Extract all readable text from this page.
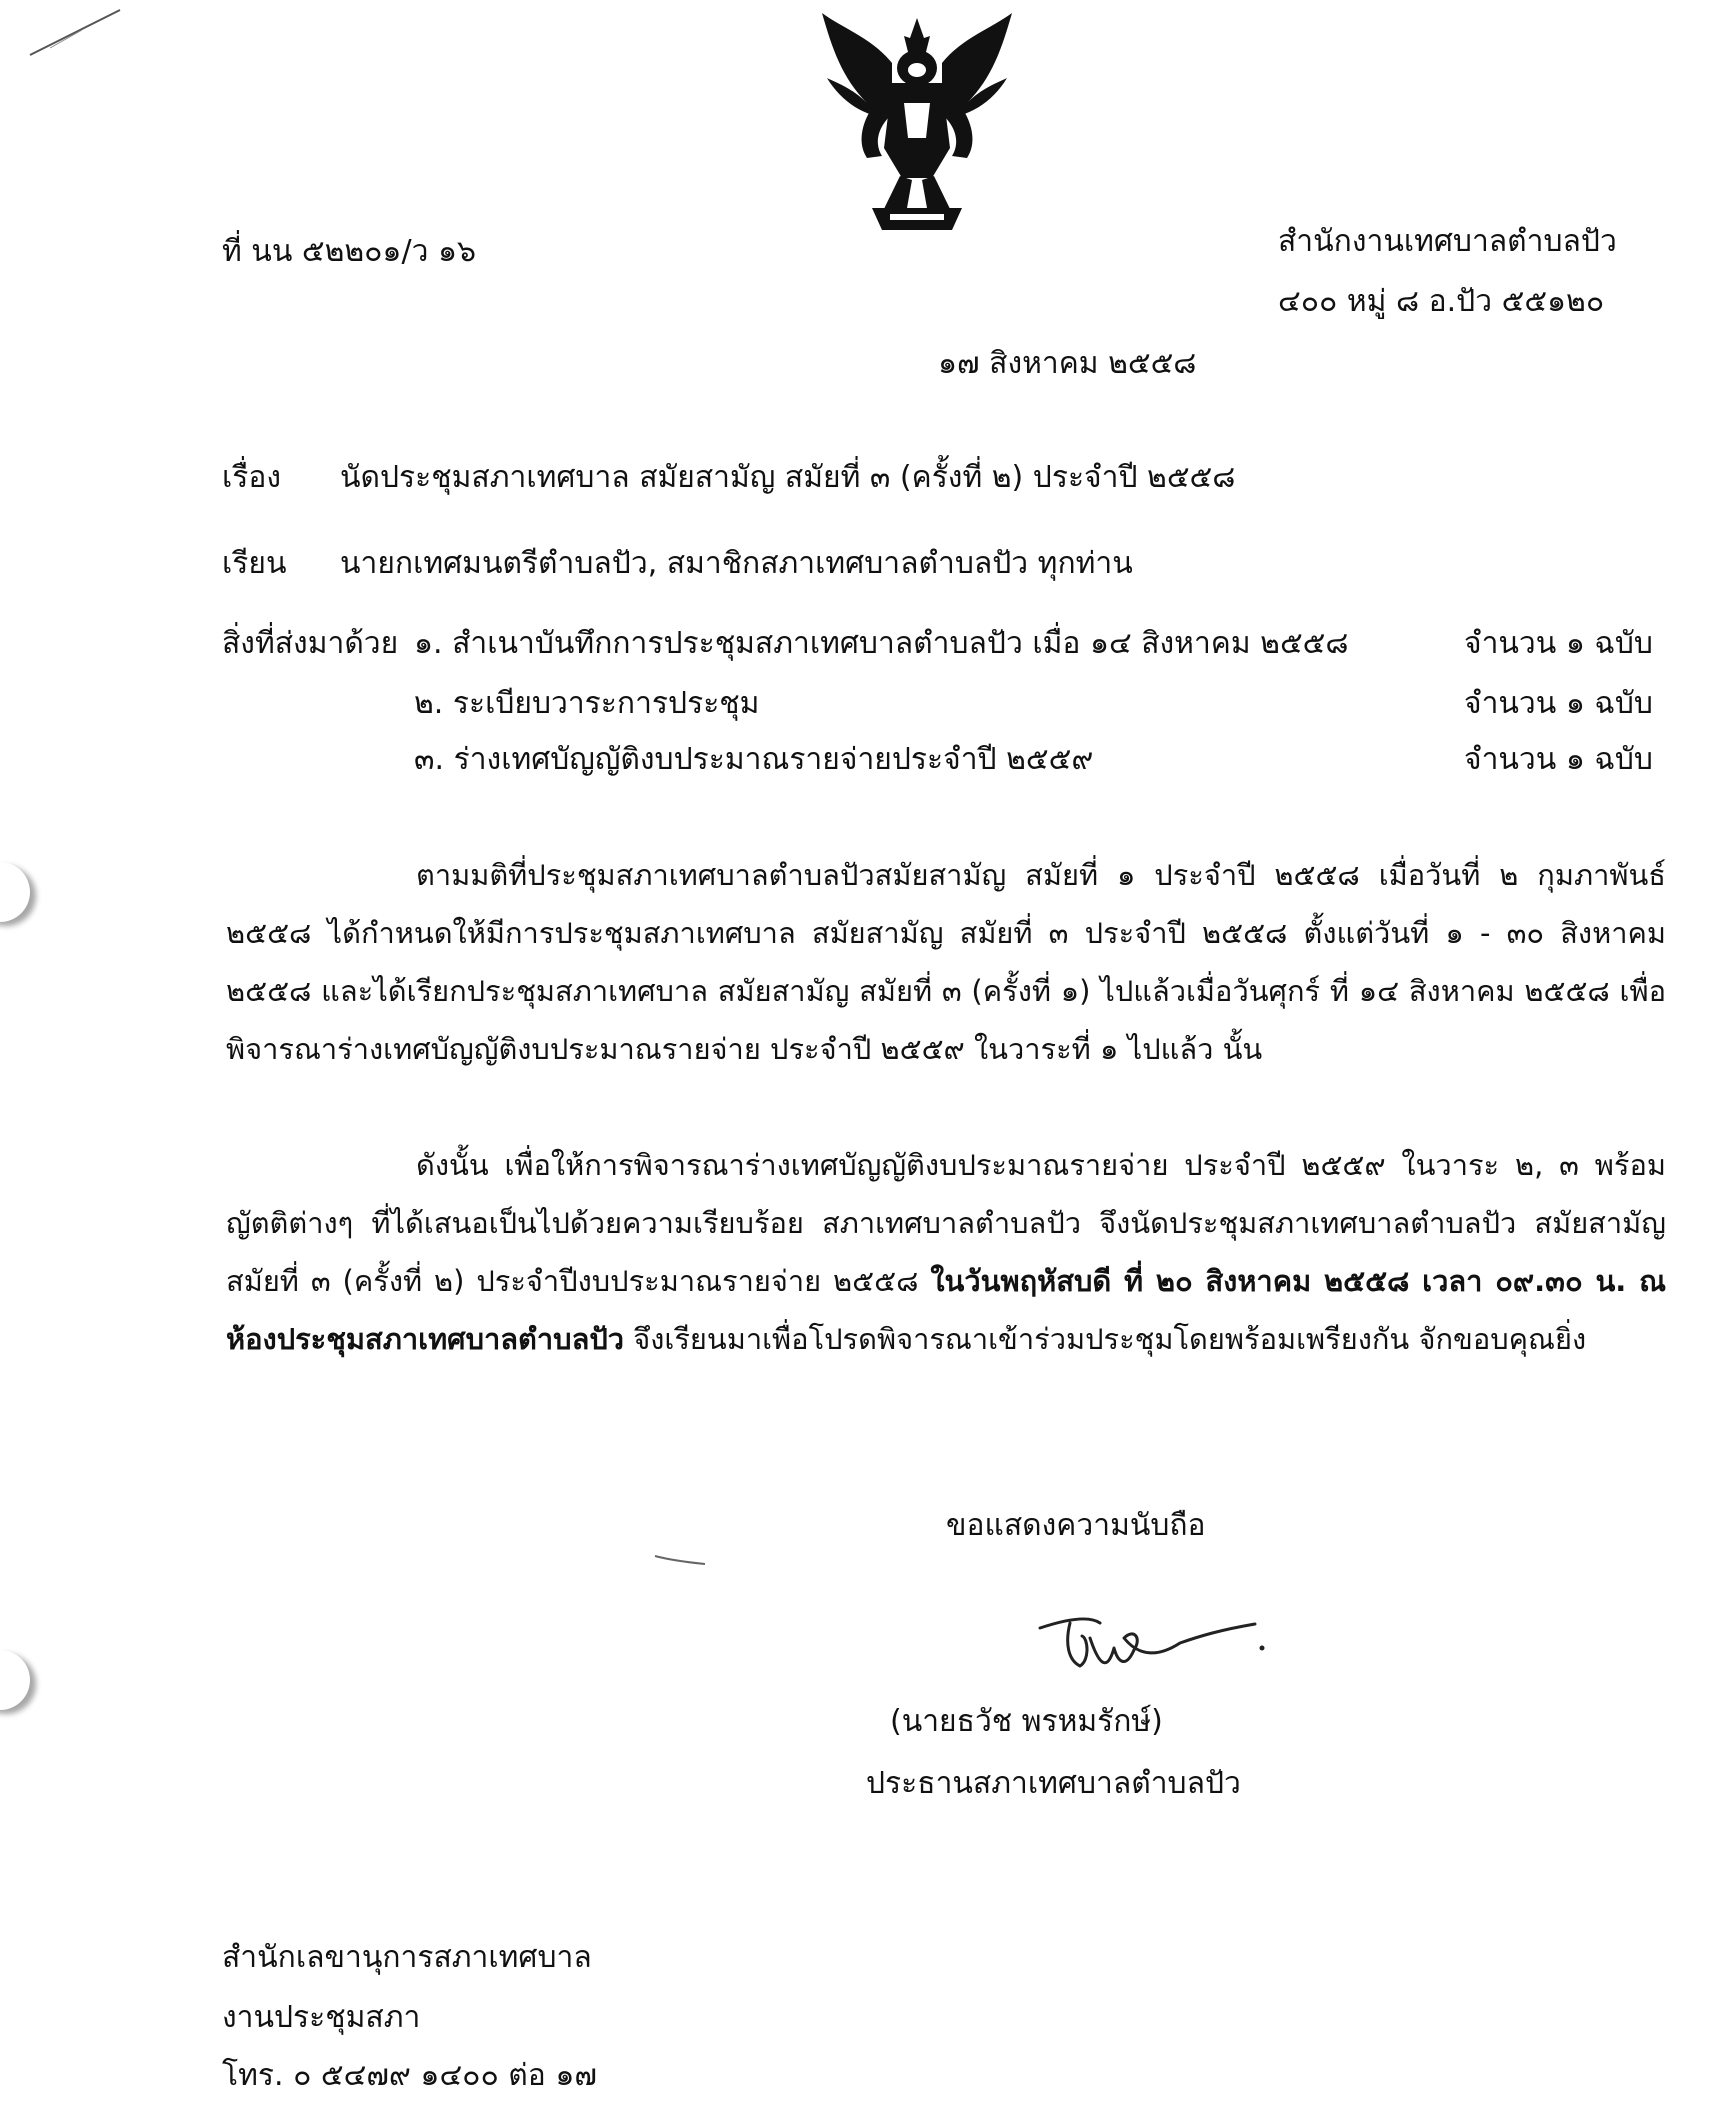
ที่ นน ๕๒๒๐๑/ว ๑๖	สำนักงานเทศบาลตำบลปัว
๔๐๐ หมู่ ๘ อ.ปัว ๕๕๑๒๐
๑๗ สิงหาคม ๒๕๕๘
เรื่อง นัดประชุมสภาเทศบาล สมัยสามัญ สมัยที่ ๓ (ครั้งที่ ๒) ประจำปี ๒๕๕๘
เรียน นายกเทศมนตรีตำบลปัว, สมาชิกสภาเทศบาลตำบลปัว ทุกท่าน
สิ่งที่ส่งมาด้วย ๑. สำเนาบันทึกการประชุมสภาเทศบาลตำบลปัว เมื่อ ๑๔ สิงหาคม ๒๕๕๘	จำนวน ๑ ฉบับ
๒. ระเบียบวาระการประชุม	จำนวน ๑ ฉบับ
๓. ร่างเทศบัญญัติงบประมาณรายจ่ายประจำปี ๒๕๕๙	จำนวน ๑ ฉบับ
ตามมติที่ประชุมสภาเทศบาลตำบลปัวสมัยสามัญ สมัยที่ ๑ ประจำปี ๒๕๕๘ เมื่อวันที่ ๒ กุมภาพันธ์ ๒๕๕๘ ได้กำหนดให้มีการประชุมสภาเทศบาล สมัยสามัญ สมัยที่ ๓ ประจำปี ๒๕๕๘ ตั้งแต่วันที่ ๑ - ๓๐ สิงหาคม ๒๕๕๘ และได้เรียกประชุมสภาเทศบาล สมัยสามัญ สมัยที่ ๓ (ครั้งที่ ๑) ไปแล้วเมื่อวันศุกร์ ที่ ๑๔ สิงหาคม ๒๕๕๘ เพื่อพิจารณาร่างเทศบัญญัติงบประมาณรายจ่าย ประจำปี ๒๕๕๙ ในวาระที่ ๑ ไปแล้ว นั้น
ดังนั้น เพื่อให้การพิจารณาร่างเทศบัญญัติงบประมาณรายจ่าย ประจำปี ๒๕๕๙ ในวาระ ๒, ๓ พร้อมญัตติต่างๆ ที่ได้เสนอเป็นไปด้วยความเรียบร้อย สภาเทศบาลตำบลปัว จึงนัดประชุมสภาเทศบาลตำบลปัว สมัยสามัญ สมัยที่ ๓ (ครั้งที่ ๒) ประจำปีงบประมาณรายจ่าย ๒๕๕๘ ในวันพฤหัสบดี ที่ ๒๐ สิงหาคม ๒๕๕๘ เวลา ๐๙.๓๐ น. ณ ห้องประชุมสภาเทศบาลตำบลปัว จึงเรียนมาเพื่อโปรดพิจารณาเข้าร่วมประชุมโดยพร้อมเพรียงกัน จักขอบคุณยิ่ง
ขอแสดงความนับถือ
(นายธวัช พรหมรักษ์)
ประธานสภาเทศบาลตำบลปัว
สำนักเลขานุการสภาเทศบาล
งานประชุมสภา
โทร. ๐ ๕๔๗๙ ๑๔๐๐ ต่อ ๑๗
